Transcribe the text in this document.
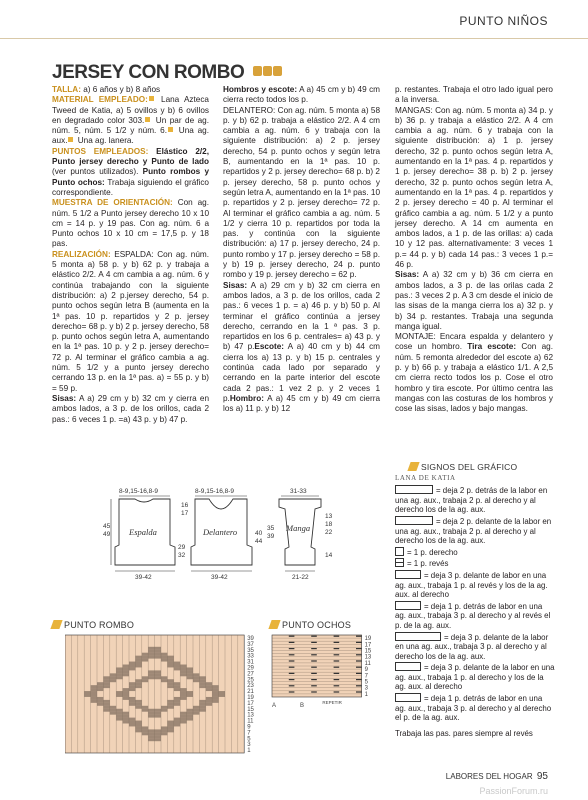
PUNTO NIÑOS
JERSEY CON ROMBO

TALLA: a) 6 años y b) 8 años

MATERIAL EMPLEADO: Lana Azteca Tweed de Katia, a) 5 ovillos y b) 6 ovillos en degradado color 303. Un par de ag. núm. 5, núm. 5 1/2 y núm. 6. Una ag. aux. Una ag. lanera.

PUNTOS EMPLEADOS: Elástico 2/2, Punto jersey derecho y Punto de lado (ver puntos utilizados). Punto rombos y Punto ochos: Trabaja siguiendo el gráfico correspondiente.

MUESTRA DE ORIENTACIÓN: Con ag. núm. 5 1/2 a Punto jersey derecho 10 x 10 cm = 14 p. y 19 pas. Con ag. núm. 6 a Punto ochos 10 x 10 cm = 17,5 p. y 18 pas.

REALIZACIÓN: ESPALDA: Con ag. núm. 5 monta a) 58 p. y b) 62 p. y trabaja a elástico 2/2. A 4 cm cambia a ag. núm. 6 y continúa trabajando con la siguiente distribución: a) 2 p.jersey derecho, 54 p. punto ochos según letra B (aumenta en la 1ª pas. 10 p. repartidos y 2 p. jersey derecho= 68 p. y b) 2 p. jersey derecho, 58 p. punto ochos según letra A, aumentando en la 1ª pas. 10 p. y 2 p. jersey derecho= 72 p. Al terminar el gráfico cambia a ag. núm. 5 1/2 y a punto jersey derecho cerrando 13 p. en la 1ª pas. a) = 55 p. y b) = 59 p.

Sisas: A a) 29 cm y b) 32 cm y cierra en ambos lados, a 3 p. de los orillos, cada 2 pas.: 6 veces 1 p. =a) 43 p. y b) 47 p.

Hombros y escote: A a) 45 cm y b) 49 cm cierra recto todos los p.

DELANTERO: Con ag. núm. 5 monta a) 58 p. y b) 62 p. trabaja a elástico 2/2. A 4 cm cambia a ag. núm. 6 y trabaja con la siguiente distribución: a) 2 p. jersey derecho, 54 p. punto ochos y según letra B, aumentando en la 1ª pas. 10 p. repartidos y 2 p. jersey derecho= 68 p. b) 2 p. jersey derecho, 58 p. punto ochos y según letra A, aumentando en la 1ª pas. 10 p. repartidos y 2 p. jersey derecho= 72 p. Al terminar el gráfico cambia a ag. núm. 5 1/2 y cierra 10 p. repartidos por toda la pas. y continúa con la siguiente distribución: a) 17 p. jersey derecho, 24 p. punto rombo y 17 p. jersey derecho = 58 p. y b) 19 p. jersey derecho, 24 p. punto rombo y 19 p. jersey derecho = 62 p.

Sisas: A a) 29 cm y b) 32 cm cierra en ambos lados, a 3 p. de los orillos, cada 2 pas.: 6 veces 1 p. = a) 46 p. y b) 50 p. Al terminar el gráfico continúa a jersey derecho, cerrando en la 1 ª pas. 3 p. repartidos en los 6 p. centrales= a) 43 p. y b) 47 p.Escote: A a) 40 cm y b) 44 cm cierra los a) 13 p. y b) 15 p. centrales y continúa cada lado por separado y cerrando en la parte interior del escote cada 2 pas.: 1 vez 2 p. y 2 veces 1 p.Hombro: A a) 45 cm y b) 49 cm cierra los a) 11 p. y b) 12

p. restantes. Trabaja el otro lado igual pero a la inversa.

MANGAS: Con ag. núm. 5 monta a) 34 p. y b) 36 p. y trabaja a elástico 2/2. A 4 cm cambia a ag. núm. 6 y trabaja con la siguiente distribución: a) 1 p. jersey derecho, 32 p. punto ochos según letra A, aumentando en la 1ª pas. 4 p. repartidos y 1 p. jersey derecho= 38 p. b) 2 p. jersey derecho, 32 p. punto ochos según letra A, aumentando en la 1ª pas. 4 p. repartidos y 2 p. jersey derecho = 40 p. Al terminar el gráfico cambia a ag. núm. 5 1/2 y a punto jersey derecho. A 14 cm aumenta en ambos lados, a 1 p. de las orillas: a) cada 10 y 12 pas. alternativamente: 3 veces 1 p.= 44 p. y b) cada 14 pas.: 3 veces 1 p.= 46 p.

Sisas: A a) 32 cm y b) 36 cm cierra en ambos lados, a 3 p. de las orilas cada 2 pas.: 3 veces 2 p. A 3 cm desde el inicio de las sisas de la manga cierra los a) 32 p. y b) 34 p. restantes. Trabaja una segunda manga igual.

MONTAJE: Encara espalda y delantero y cose un hombro. Tira escote: Con ag. núm. 5 remonta alrededor del escote a) 62 p. y b) 66 p. y trabaja a elástico 1/1. A 2,5 cm cierra recto todos los p. Cose el otro hombro y tira escote. Por último centra las mangas con las costuras de los hombros y cose las sisas, lados y bajo mangas.

8-9,15-16,8-9
Espalda
45
49
29
32
39-42
8-9,15-16,8-9
Delantero
16
17
40
44
39-42
31-33
Manga
35
39
13
18
22
14
21-22
PUNTO ROMBO
39
37
35
33
31
29
27
25
23
21
19
17
15
13
11
9
7
5
3
1
PUNTO OCHOS
19
17
15
13
11
9
7
5
3
1
A	B
REPETIR
SIGNOS DEL GRÁFICO
LANA DE KATIA
= deja 2 p. detrás de la labor en una ag. aux., trabaja 2 p. al derecho y al derecho los de la ag. aux.
= deja 2 p. delante de la labor en una ag. aux., trabaja 2 p. al derecho y al derecho los de la ag. aux.
= 1 p. derecho
= 1 p. revés
= deja 3 p. delante de labor en una ag. aux., trabaja 1 p. al revés y los de la ag. aux. al derecho
= deja 1 p. detrás de labor en una ag. aux., trabaja 3 p. al derecho y al revés el p. de la ag. aux.
= deja 3 p. delante de la labor en una ag. aux., trabaja 3 p. al derecho y al derecho los de la ag. aux.
= deja 3 p. delante de la labor en una ag. aux., trabaja 1 p. al derecho y los de la ag. aux. al derecho
= deja 1 p. detrás de labor en una ag. aux., trabaja 3 p. al derecho y al derecho el p. de la ag. aux.
Trabaja las pas. pares siempre al revés
LABORES DEL HOGAR 95
PassionForum.ru
